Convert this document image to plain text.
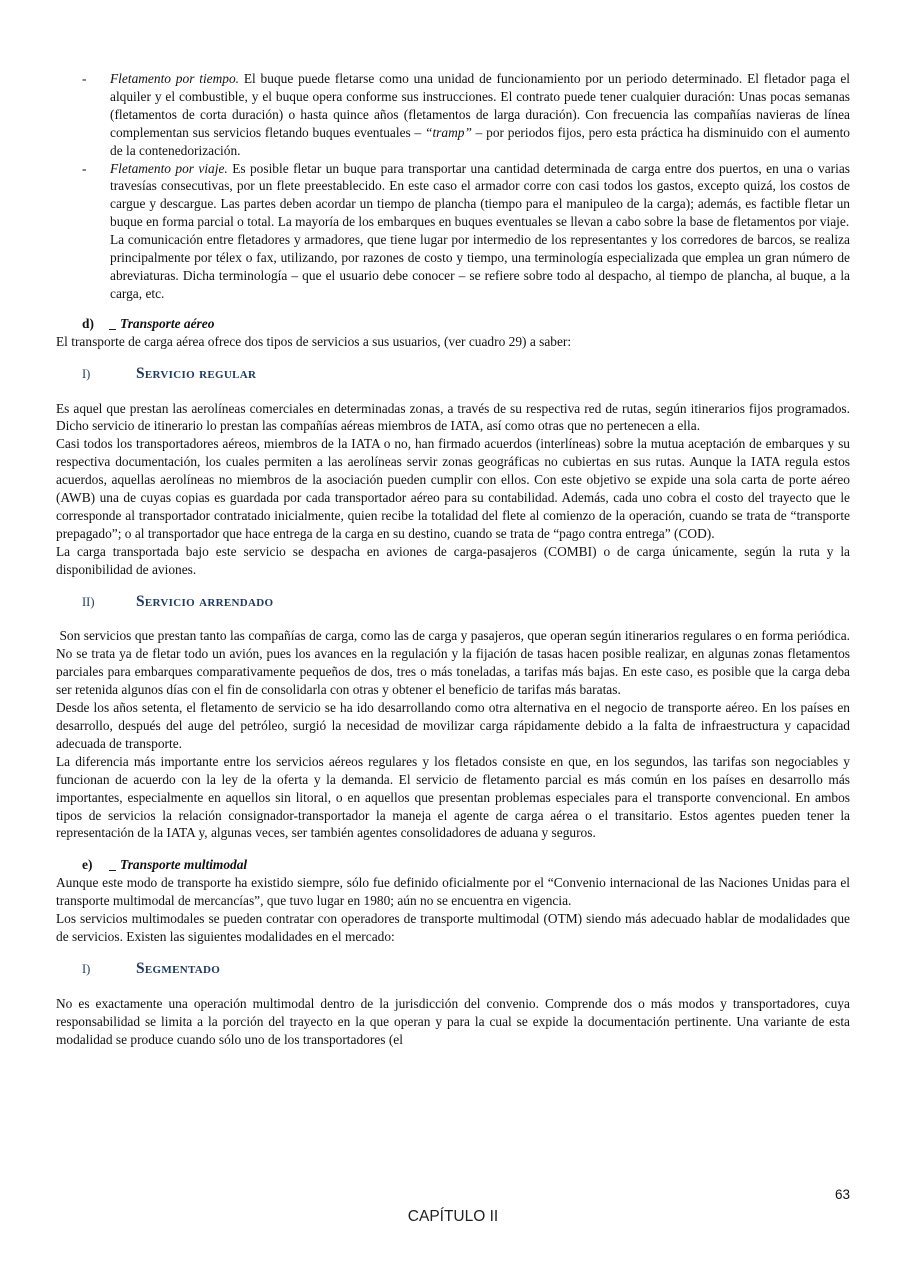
- Fletamento por tiempo. El buque puede fletarse como una unidad de funcionamiento por un periodo determinado. El fletador paga el alquiler y el combustible, y el buque opera conforme sus instrucciones. El contrato puede tener cualquier duración: Unas pocas semanas (fletamentos de corta duración) o hasta quince años (fletamentos de larga duración). Con frecuencia las compañías navieras de línea complementan sus servicios fletando buques eventuales – “tramp” – por periodos fijos, pero esta práctica ha disminuido con el aumento de la contenedorización.
- Fletamento por viaje. Es posible fletar un buque para transportar una cantidad determinada de carga entre dos puertos, en una o varias travesías consecutivas, por un flete preestablecido. En este caso el armador corre con casi todos los gastos, excepto quizá, los costos de cargue y descargue. Las partes deben acordar un tiempo de plancha (tiempo para el manipuleo de la carga); además, es factible fletar un buque en forma parcial o total. La mayoría de los embarques en buques eventuales se llevan a cabo sobre la base de fletamentos por viaje.

La comunicación entre fletadores y armadores, que tiene lugar por intermedio de los representantes y los corredores de barcos, se realiza principalmente por télex o fax, utilizando, por razones de costo y tiempo, una terminología especializada que emplea un gran número de abreviaturas. Dicha terminología – que el usuario debe conocer – se refiere sobre todo al despacho, al tiempo de plancha, al buque, a la carga, etc.

d) _ Transporte aéreo

El transporte de carga aérea ofrece dos tipos de servicios a sus usuarios, (ver cuadro 29) a saber:

I)	Servicio regular

Es aquel que prestan las aerolíneas comerciales en determinadas zonas, a través de su respectiva red de rutas, según itinerarios fijos programados. Dicho servicio de itinerario lo prestan las compañías aéreas miembros de IATA, así como otras que no pertenecen a ella.

Casi todos los transportadores aéreos, miembros de la IATA o no, han firmado acuerdos (interlíneas) sobre la mutua aceptación de embarques y su respectiva documentación, los cuales permiten a las aerolíneas servir zonas geográficas no cubiertas en sus rutas. Aunque la IATA regula estos acuerdos, aquellas aerolíneas no miembros de la asociación pueden cumplir con ellos. Con este objetivo se expide una sola carta de porte aéreo (AWB) una de cuyas copias es guardada por cada transportador aéreo para su contabilidad. Además, cada uno cobra el costo del trayecto que le corresponde al transportador contratado inicialmente, quien recibe la totalidad del flete al comienzo de la operación, cuando se trata de “transporte prepagado”; o al transportador que hace entrega de la carga en su destino, cuando se trata de “pago contra entrega” (COD).

La carga transportada bajo este servicio se despacha en aviones de carga-pasajeros (COMBI) o de carga únicamente, según la ruta y la disponibilidad de aviones.

II)	Servicio arrendado

Son servicios que prestan tanto las compañías de carga, como las de carga y pasajeros, que operan según itinerarios regulares o en forma periódica. No se trata ya de fletar todo un avión, pues los avances en la regulación y la fijación de tasas hacen posible realizar, en algunas zonas fletamentos parciales para embarques comparativamente pequeños de dos, tres o más toneladas, a tarifas más bajas. En este caso, es posible que la carga deba ser retenida algunos días con el fin de consolidarla con otras y obtener el beneficio de tarifas más baratas.

Desde los años setenta, el fletamento de servicio se ha ido desarrollando como otra alternativa en el negocio de transporte aéreo. En los países en desarrollo, después del auge del petróleo, surgió la necesidad de movilizar carga rápidamente debido a la falta de infraestructura y capacidad adecuada de transporte.

La diferencia más importante entre los servicios aéreos regulares y los fletados consiste en que, en los segundos, las tarifas son negociables y funcionan de acuerdo con la ley de la oferta y la demanda. El servicio de fletamento parcial es más común en los países en desarrollo más importantes, especialmente en aquellos sin litoral, o en aquellos que presentan problemas especiales para el transporte convencional. En ambos tipos de servicios la relación consignador-transportador la maneja el agente de carga aérea o el transitario. Estos agentes pueden tener la representación de la IATA y, algunas veces, ser también agentes consolidadores de aduana y seguros.

e) _ Transporte multimodal

Aunque este modo de transporte ha existido siempre, sólo fue definido oficialmente por el “Convenio internacional de las Naciones Unidas para el transporte multimodal de mercancías”, que tuvo lugar en 1980; aún no se encuentra en vigencia.

Los servicios multimodales se pueden contratar con operadores de transporte multimodal (OTM) siendo más adecuado hablar de modalidades que de servicios. Existen las siguientes modalidades en el mercado:

I)	Segmentado

No es exactamente una operación multimodal dentro de la jurisdicción del convenio. Comprende dos o más modos y transportadores, cuya responsabilidad se limita a la porción del trayecto en la que operan y para la cual se expide la documentación pertinente. Una variante de esta modalidad se produce cuando sólo uno de los transportadores (el

63
CAPÍTULO II
